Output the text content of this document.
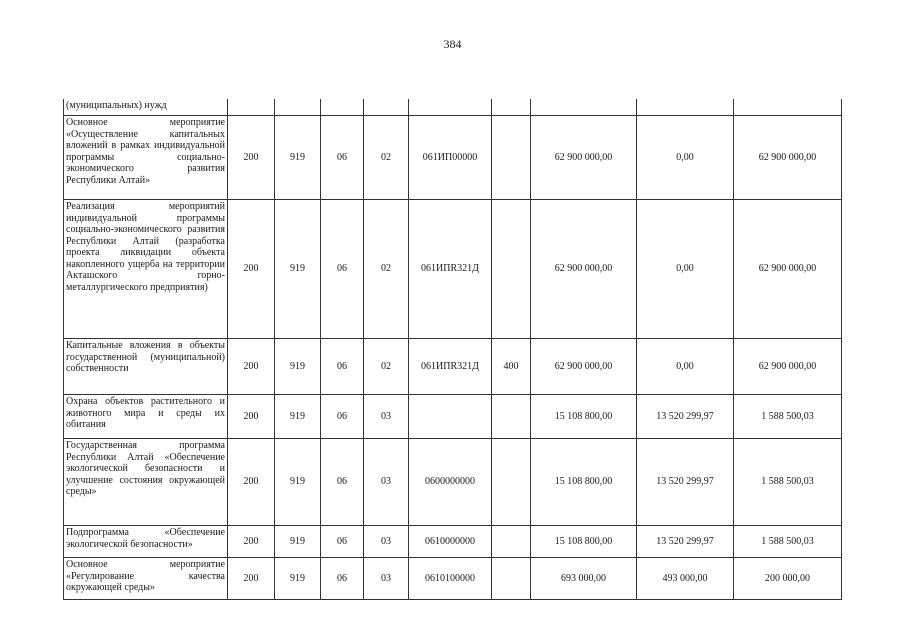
384
(муниципальных) нужд									
Основное мероприятие «Осуществление капитальных вложений в рамках индивидуальной программы социально-экономического развития Республики Алтай»	200	919	06	02	061ИП00000		62 900 000,00	0,00	62 900 000,00
Реализация мероприятий индивидуальной программы социально-экономического развития Республики Алтай (разработка проекта ликвидации объекта накопленного ущерба на территории Акташского горно-металлургического предприятия)	200	919	06	02	061ИПR321Д		62 900 000,00	0,00	62 900 000,00
Капитальные вложения в объекты государственной (муниципальной) собственности	200	919	06	02	061ИПR321Д	400	62 900 000,00	0,00	62 900 000,00
Охрана объектов растительного и животного мира и среды их обитания	200	919	06	03			15 108 800,00	13 520 299,97	1 588 500,03
Государственная программа Республики Алтай «Обеспечение экологической безопасности и улучшение состояния окружающей среды»	200	919	06	03	0600000000		15 108 800,00	13 520 299,97	1 588 500,03
Подпрограмма «Обеспечение экологической безопасности»	200	919	06	03	0610000000		15 108 800,00	13 520 299,97	1 588 500,03
Основное мероприятие «Регулирование качества окружающей среды»	200	919	06	03	0610100000		693 000,00	493 000,00	200 000,00
